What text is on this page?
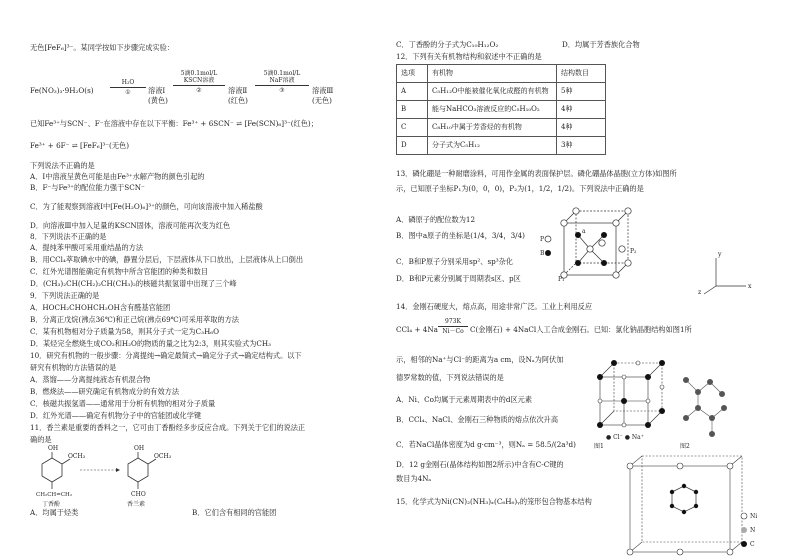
无色[FeF₆]³⁻。某同学按如下步骤完成实验：
Fe(NO₃)₃·9H₂O(s)
H₂O
①	溶液Ⅰ
(黄色)
5滴0.1mol/L
KSCN溶液
②	溶液Ⅱ
(红色)
5滴0.1mol/L
NaF溶液
③	溶液Ⅲ
(无色)
已知Fe³⁺与SCN⁻、F⁻在溶液中存在以下平衡：Fe³⁺ + 6SCN⁻ ⇌ [Fe(SCN)₆]³⁻(红色)；
Fe³⁺ + 6F⁻ ⇌ [FeF₆]³⁻(无色)
下列说法不正确的是
A．Ⅰ中溶液呈黄色可能是由Fe³⁺水解产物的颜色引起的
B．F⁻与Fe³⁺的配位能力强于SCN⁻
C．为了能观察到溶液Ⅰ中[Fe(H₂O)₆]³⁺的颜色，可向该溶液中加入稀盐酸
D．向溶液Ⅲ中加入足量的KSCN固体，溶液可能再次变为红色
8．下列说法不正确的是
A．提纯苯甲酸可采用重结晶的方法
B．用CCl₄萃取碘水中的碘，静置分层后，下层液体从下口放出，上层液体从上口倒出
C．红外光谱图能确定有机物中所含官能团的种类和数目
D．(CH₃)₂CH(CH₂)₂CH(CH₃)₂的核磁共振氢谱中出现了三个峰
9．下列说法正确的是
A．HOCH₂CHOHCH₂OH含有醛基官能团
B．分离正戊烷(沸点36℃)和正己烷(沸点69℃)可采用萃取的方法
C．某有机物相对分子质量为58，则其分子式一定为C₃H₆O
D．某烃完全燃烧生成CO₂和H₂O的物质的量之比为2:3，则其实验式为CH₃
10．研究有机物的一般步骤：分离提纯→确定最简式→确定分子式→确定结构式。以下
研究有机物的方法错误的是
A．蒸馏——分离提纯液态有机混合物
B．燃烧法——研究确定有机物成分的有效方法
C．核磁共振氢谱——通常用于分析有机物的相对分子质量
D．红外光谱——确定有机物分子中的官能团或化学键
11．香兰素是重要的香料之一，它可由丁香酚经多步反应合成。下列关于它们的说法正
确的是
OH
OCH₃
CH₂CH=CH₂
丁香酚
OH
OCH₃
CHO
香兰素
A．均属于烃类	B．它们含有相同的官能团
C．丁香酚的分子式为C₁₀H₁₂O₂	D．均属于芳香族化合物
12．下列有关有机物结构和叙述中不正确的是
选项	有机物	结构数目
A	C₅H₁₂O中能被催化氧化成醛的有机物	5种
B	能与NaHCO₃溶液反应的C₅H₁₀O₂	4种
C	C₈H₁₀中属于芳香烃的有机物	4种
D	分子式为C₅H₁₂	3种
13．磷化硼是一种耐磨涂料，可用作金属的表面保护层。磷化硼晶体晶胞(立方体)如图所
示，已知原子坐标P₁为(0，0，0)，P₂为(1，1/2，1/2)。下列说法中正确的是
A．磷原子的配位数为12
B．图中a原子的坐标是(1/4，3/4，3/4)
C．B和P原子分别采用sp²、sp³杂化
D．B和P元素分别属于周期表s区、p区	P₁
P₂
a
P
B
x
y
z
14．金刚石硬度大，熔点高，用途非常广泛。工业上利用反应
CCl₄ + 4Na
973K
Ni－Co C(金刚石) + 4NaCl人工合成金刚石。已知：氯化钠晶胞结构如图1所
示，相邻的Na⁺与Cl⁻的距离为a cm，设Nₐ为阿伏加
德罗常数的值，下列说法错误的是
A．Ni、Co均属于元素周期表中的d区元素
B．CCl₄、NaCl、金刚石三种物质的熔点依次升高
C．若NaCl晶体密度为d g·cm⁻³，则Nₐ = 58.5/(2a³d)
D．12 g金刚石(晶体结构如图2所示)中含有C-C键的
数目为4Nₐ
15．化学式为Ni(CN)₂(NH₃)ₓ(C₆H₆)ᵧ的笼形包合物基本结构
● Cl⁻ ● Na⁺
图1	图2
Ni
N
C
